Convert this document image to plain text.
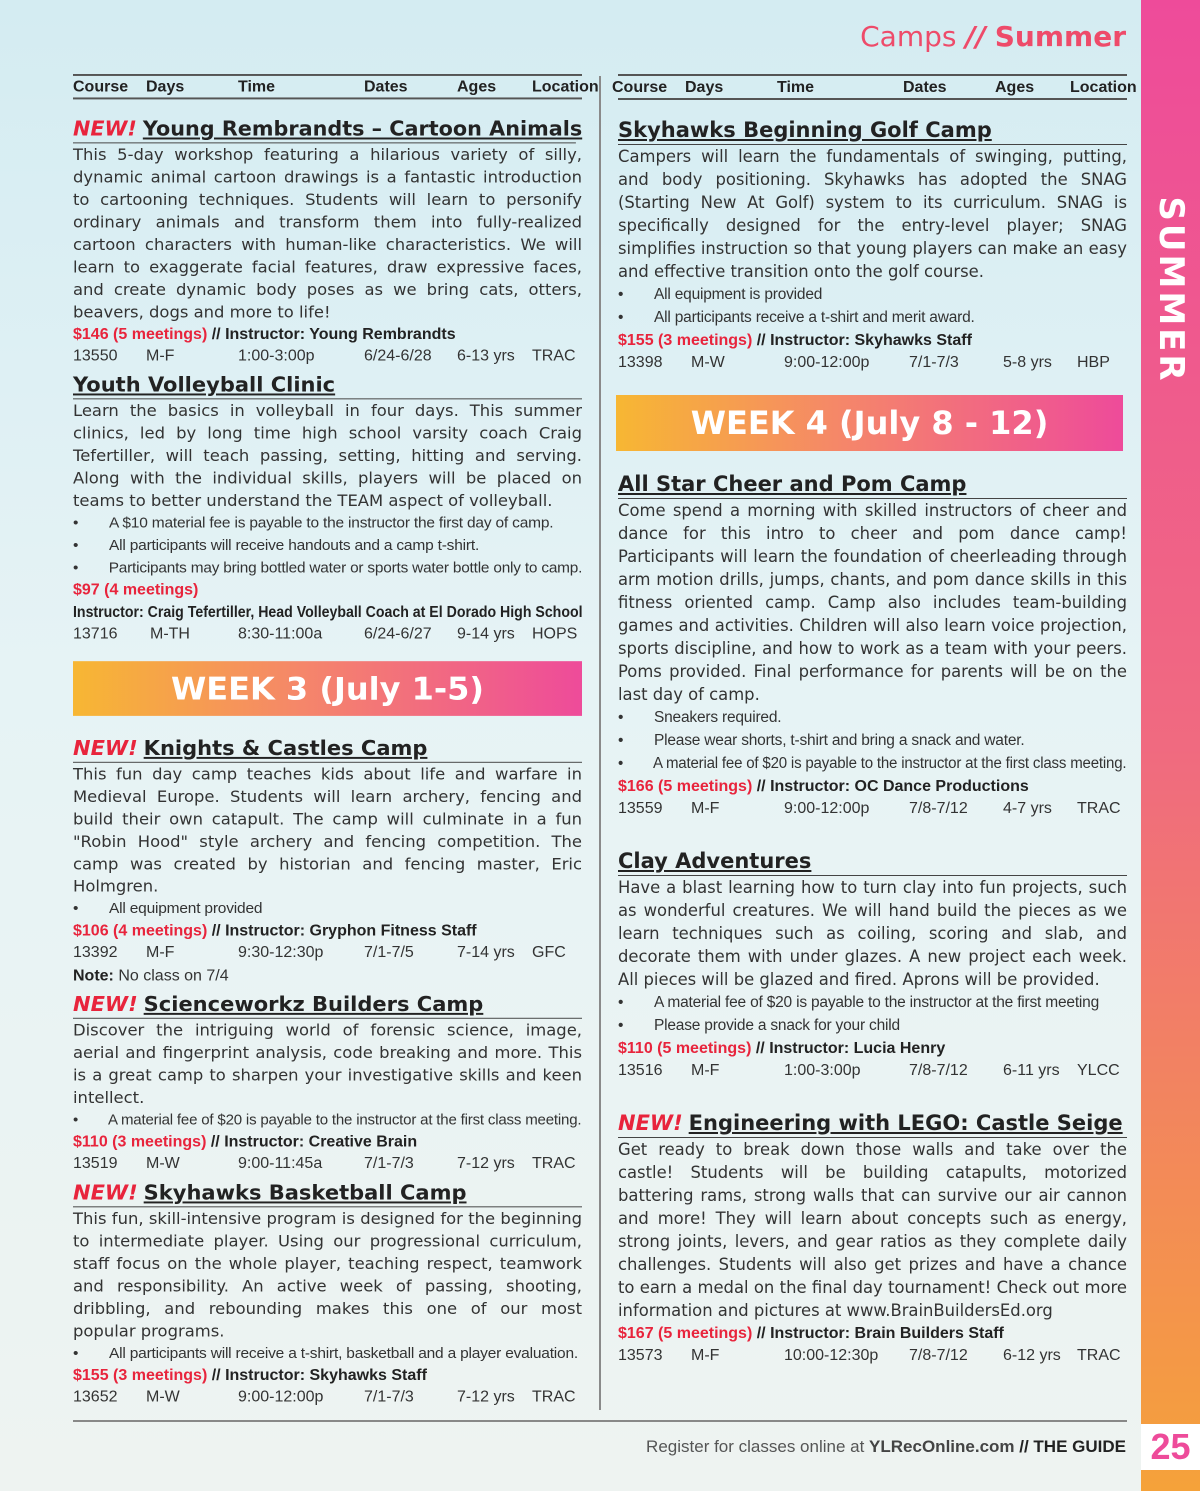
SUMMER
25
Camps // Summer
Course Days	Time	Dates	Ages Location
NEW! Young Rembrandts – Cartoon Animals
This 5-day workshop featuring a hilarious variety of silly, dynamic animal cartoon drawings is a fantastic introduction to cartooning techniques. Students will learn to personify ordinary animals and transform them into fully-realized cartoon characters with human-like characteristics. We will learn to exaggerate facial features, draw expressive faces, and create dynamic body poses as we bring cats, otters, beavers, dogs and more to life!
$146 (5 meetings) // Instructor: Young Rembrandts
13550 M-F	1:00-3:00p	6/24-6/28 6-13 yrs TRAC
Youth Volleyball Clinic
Learn the basics in volleyball in four days. This summer clinics, led by long time high school varsity coach Craig Tefertiller, will teach passing, setting, hitting and serving. Along with the individual skills, players will be placed on teams to better understand the TEAM aspect of volleyball.
• A $10 material fee is payable to the instructor the first day of camp.
• All participants will receive handouts and a camp t-shirt.
• Participants may bring bottled water or sports water bottle only to camp.
$97 (4 meetings)
Instructor: Craig Tefertiller, Head Volleyball Coach at El Dorado High School
13716 M-TH	8:30-11:00a	6/24-6/27 9-14 yrs HOPS
WEEK 3 (July 1-5)
NEW! Knights & Castles Camp
This fun day camp teaches kids about life and warfare in Medieval Europe. Students will learn archery, fencing and build their own catapult. The camp will culminate in a fun "Robin Hood" style archery and fencing competition. The camp was created by historian and fencing master, Eric Holmgren.
• All equipment provided
$106 (4 meetings) // Instructor: Gryphon Fitness Staff
13392 M-F	9:30-12:30p	7/1-7/5	7-14 yrs GFC
Note: No class on 7/4
NEW! Scienceworkz Builders Camp
Discover the intriguing world of forensic science, image, aerial and fingerprint analysis, code breaking and more. This is a great camp to sharpen your investigative skills and keen intellect.
• A material fee of $20 is payable to the instructor at the first class meeting.
$110 (3 meetings) // Instructor: Creative Brain
13519 M-W	9:00-11:45a	7/1-7/3	7-12 yrs TRAC
NEW! Skyhawks Basketball Camp
This fun, skill-intensive program is designed for the beginning to intermediate player. Using our progressional curriculum, staff focus on the whole player, teaching respect, teamwork and responsibility. An active week of passing, shooting, dribbling, and rebounding makes this one of our most popular programs.
• All participants will receive a t-shirt, basketball and a player evaluation.
$155 (3 meetings) // Instructor: Skyhawks Staff
13652 M-W	9:00-12:00p	7/1-7/3	7-12 yrs TRAC
Course Days	Time	Dates	Ages Location
Skyhawks Beginning Golf Camp
Campers will learn the fundamentals of swinging, putting, and body positioning. Skyhawks has adopted the SNAG (Starting New At Golf) system to its curriculum. SNAG is specifically designed for the entry-level player; SNAG simplifies instruction so that young players can make an easy and effective transition onto the golf course.
• All equipment is provided
• All participants receive a t-shirt and merit award.
$155 (3 meetings) // Instructor: Skyhawks Staff
13398 M-W	9:00-12:00p 7/1-7/3	5-8 yrs HBP
WEEK 4 (July 8 - 12)
All Star Cheer and Pom Camp
Come spend a morning with skilled instructors of cheer and dance for this intro to cheer and pom dance camp! Participants will learn the foundation of cheerleading through arm motion drills, jumps, chants, and pom dance skills in this fitness oriented camp. Camp also includes team-building games and activities. Children will also learn voice projection, sports discipline, and how to work as a team with your peers. Poms provided. Final performance for parents will be on the last day of camp.
• Sneakers required.
• Please wear shorts, t-shirt and bring a snack and water.
• A material fee of $20 is payable to the instructor at the first class meeting.
$166 (5 meetings) // Instructor: OC Dance Productions
13559 M-F	9:00-12:00p 7/8-7/12 4-7 yrs TRAC
Clay Adventures
Have a blast learning how to turn clay into fun projects, such as wonderful creatures. We will hand build the pieces as we learn techniques such as coiling, scoring and slab, and decorate them with under glazes. A new project each week. All pieces will be glazed and fired. Aprons will be provided.
• A material fee of $20 is payable to the instructor at the first meeting
• Please provide a snack for your child
$110 (5 meetings) // Instructor: Lucia Henry
13516 M-F	1:00-3:00p	7/8-7/12 6-11 yrs YLCC
NEW! Engineering with LEGO: Castle Seige
Get ready to break down those walls and take over the castle! Students will be building catapults, motorized battering rams, strong walls that can survive our air cannon and more! They will learn about concepts such as energy, strong joints, levers, and gear ratios as they complete daily challenges. Students will also get prizes and have a chance to earn a medal on the final day tournament! Check out more information and pictures at www.BrainBuildersEd.org
$167 (5 meetings) // Instructor: Brain Builders Staff
13573 M-F	10:00-12:30p 7/8-7/12 6-12 yrs TRAC
Register for classes online at YLRecOnline.com // THE GUIDE
